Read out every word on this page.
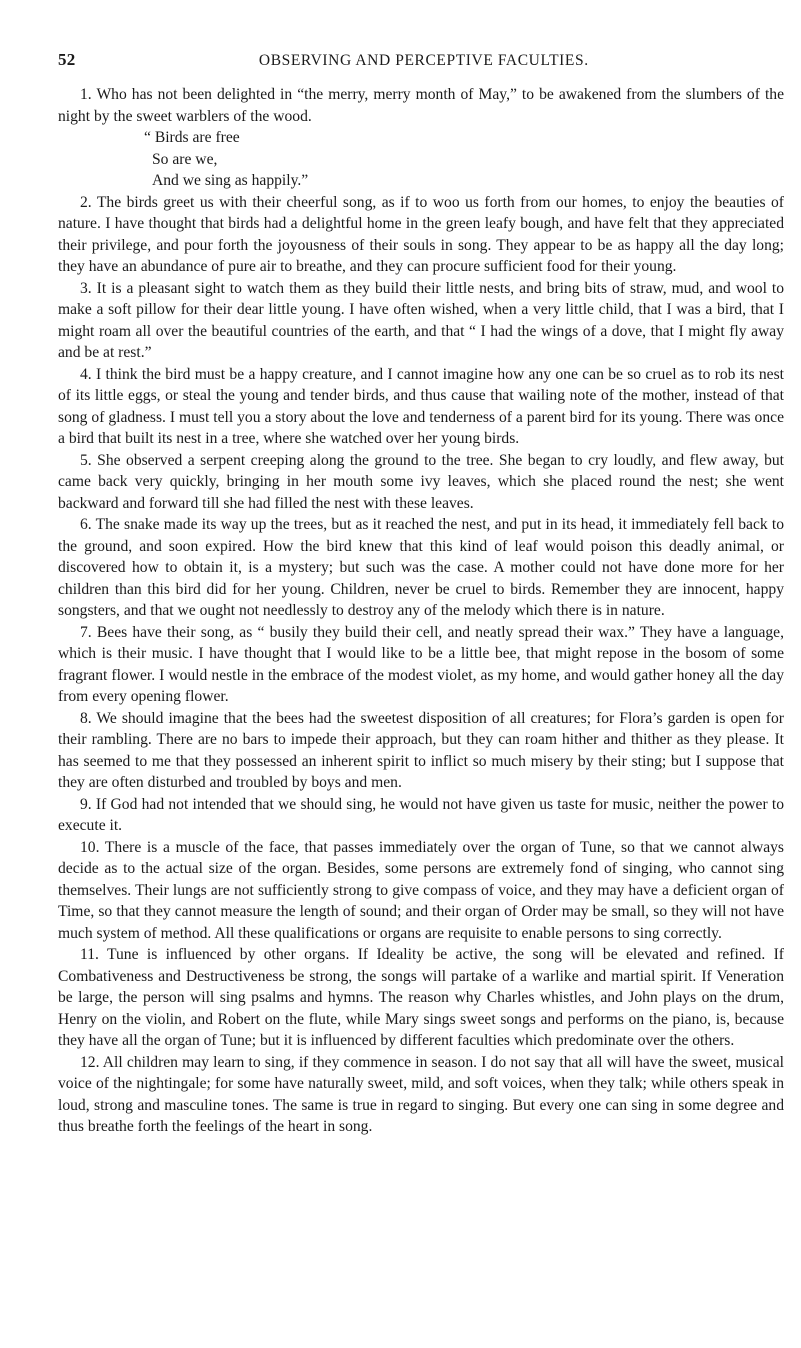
52	OBSERVING AND PERCEPTIVE FACULTIES.

1. Who has not been delighted in “the merry, merry month of May,” to be awakened from the slumbers of the night by the sweet warblers of the wood.

“ Birds are free
So are we,
And we sing as happily.”

2. The birds greet us with their cheerful song, as if to woo us forth from our homes, to enjoy the beauties of nature. I have thought that birds had a delightful home in the green leafy bough, and have felt that they appreciated their privilege, and pour forth the joyousness of their souls in song. They appear to be as happy all the day long; they have an abundance of pure air to breathe, and they can procure sufficient food for their young.

3. It is a pleasant sight to watch them as they build their little nests, and bring bits of straw, mud, and wool to make a soft pillow for their dear little young. I have often wished, when a very little child, that I was a bird, that I might roam all over the beautiful countries of the earth, and that “ I had the wings of a dove, that I might fly away and be at rest.”

4. I think the bird must be a happy creature, and I cannot imagine how any one can be so cruel as to rob its nest of its little eggs, or steal the young and tender birds, and thus cause that wailing note of the mother, instead of that song of gladness. I must tell you a story about the love and tenderness of a parent bird for its young. There was once a bird that built its nest in a tree, where she watched over her young birds.

5. She observed a serpent creeping along the ground to the tree. She began to cry loudly, and flew away, but came back very quickly, bringing in her mouth some ivy leaves, which she placed round the nest; she went backward and forward till she had filled the nest with these leaves.

6. The snake made its way up the trees, but as it reached the nest, and put in its head, it immediately fell back to the ground, and soon expired. How the bird knew that this kind of leaf would poison this deadly animal, or discovered how to obtain it, is a mystery; but such was the case. A mother could not have done more for her children than this bird did for her young. Children, never be cruel to birds. Remember they are innocent, happy songsters, and that we ought not needlessly to destroy any of the melody which there is in nature.

7. Bees have their song, as “ busily they build their cell, and neatly spread their wax.” They have a language, which is their music. I have thought that I would like to be a little bee, that might repose in the bosom of some fragrant flower. I would nestle in the embrace of the modest violet, as my home, and would gather honey all the day from every opening flower.

8. We should imagine that the bees had the sweetest disposition of all creatures; for Flora’s garden is open for their rambling. There are no bars to impede their approach, but they can roam hither and thither as they please. It has seemed to me that they possessed an inherent spirit to inflict so much misery by their sting; but I suppose that they are often disturbed and troubled by boys and men.

9. If God had not intended that we should sing, he would not have given us taste for music, neither the power to execute it.

10. There is a muscle of the face, that passes immediately over the organ of Tune, so that we cannot always decide as to the actual size of the organ. Besides, some persons are extremely fond of singing, who cannot sing themselves. Their lungs are not sufficiently strong to give compass of voice, and they may have a deficient organ of Time, so that they cannot measure the length of sound; and their organ of Order may be small, so they will not have much system of method. All these qualifications or organs are requisite to enable persons to sing correctly.

11. Tune is influenced by other organs. If Ideality be active, the song will be elevated and refined. If Combativeness and Destructiveness be strong, the songs will partake of a warlike and martial spirit. If Veneration be large, the person will sing psalms and hymns. The reason why Charles whistles, and John plays on the drum, Henry on the violin, and Robert on the flute, while Mary sings sweet songs and performs on the piano, is, because they have all the organ of Tune; but it is influenced by different faculties which predominate over the others.

12. All children may learn to sing, if they commence in season. I do not say that all will have the sweet, musical voice of the nightingale; for some have naturally sweet, mild, and soft voices, when they talk; while others speak in loud, strong and masculine tones. The same is true in regard to singing. But every one can sing in some degree and thus breathe forth the feelings of the heart in song.
